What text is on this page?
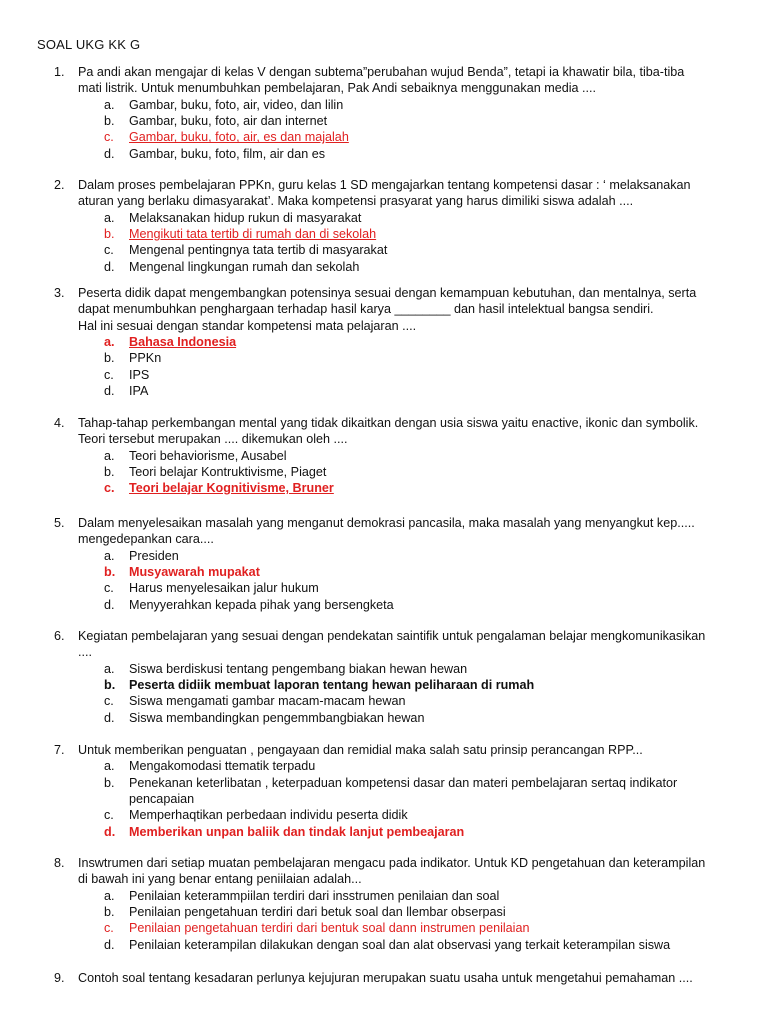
SOAL UKG KK G
1. Pa andi akan mengajar di kelas V dengan subtema”perubahan wujud Benda”, tetapi ia khawatir bila, tiba-tiba
mati listrik. Untuk menumbuhkan pembelajaran, Pak Andi sebaiknya menggunakan media ....
a. Gambar, buku, foto, air, video, dan lilin
b. Gambar, buku, foto, air dan internet
c. Gambar, buku, foto, air, es dan majalah
d. Gambar, buku, foto, film, air dan es
2. Dalam proses pembelajaran PPKn, guru kelas 1 SD mengajarkan tentang kompetensi dasar : ‘ melaksanakan
aturan yang berlaku dimasyarakat’. Maka kompetensi prasyarat yang harus dimiliki siswa adalah ....
a. Melaksanakan hidup rukun di masyarakat
b. Mengikuti tata tertib di rumah dan di sekolah
c. Mengenal pentingnya tata tertib di masyarakat
d. Mengenal lingkungan rumah dan sekolah
3. Peserta didik dapat mengembangkan potensinya sesuai dengan kemampuan kebutuhan, dan mentalnya, serta
dapat menumbuhkan penghargaan terhadap hasil karya ________ dan hasil intelektual bangsa sendiri.
Hal ini sesuai dengan standar kompetensi mata pelajaran ....
a. Bahasa Indonesia
b. PPKn
c. IPS
d. IPA
4. Tahap-tahap perkembangan mental yang tidak dikaitkan dengan usia siswa yaitu enactive, ikonic dan symbolik.
Teori tersebut merupakan .... dikemukan oleh ....
a. Teori behaviorisme, Ausabel
b. Teori belajar Kontruktivisme, Piaget
c. Teori belajar Kognitivisme, Bruner
5. Dalam menyelesaikan masalah yang menganut demokrasi pancasila, maka masalah yang menyangkut kep.....
mengedepankan cara....
a. Presiden
b. Musyawarah mupakat
c. Harus menyelesaikan jalur hukum
d. Menyyerahkan kepada pihak yang bersengketa
6. Kegiatan pembelajaran yang sesuai dengan pendekatan saintifik untuk pengalaman belajar mengkomunikasikan
....
a. Siswa berdiskusi tentang pengembang biakan hewan hewan
b. Peserta didiik membuat laporan tentang hewan peliharaan di rumah
c. Siswa mengamati gambar macam-macam hewan
d. Siswa membandingkan pengemmbangbiakan hewan
7. Untuk memberikan penguatan , pengayaan dan remidial maka salah satu prinsip perancangan RPP...
a. Mengakomodasi ttematik terpadu
b. Penekanan keterlibatan , keterpaduan kompetensi dasar dan materi pembelajaran sertaq indikator
pencapaian
c. Memperhaqtikan perbedaan individu peserta didik
d. Memberikan unpan baliik dan tindak lanjut pembeajaran
8. Inswtrumen dari setiap muatan pembelajaran mengacu pada indikator. Untuk KD pengetahuan dan keterampilan
di bawah ini yang benar entang peniilaian adalah...
a. Penilaian keterammpiilan terdiri dari insstrumen penilaian dan soal
b. Penilaian pengetahuan terdiri dari betuk soal dan llembar obserpasi
c. Penilaian pengetahuan terdiri dari bentuk soal dann instrumen penilaian
d. Penilaian keterampilan dilakukan dengan soal dan alat observasi yang terkait keterampilan siswa
9. Contoh soal tentang kesadaran perlunya kejujuran merupakan suatu usaha untuk mengetahui pemahaman ....
